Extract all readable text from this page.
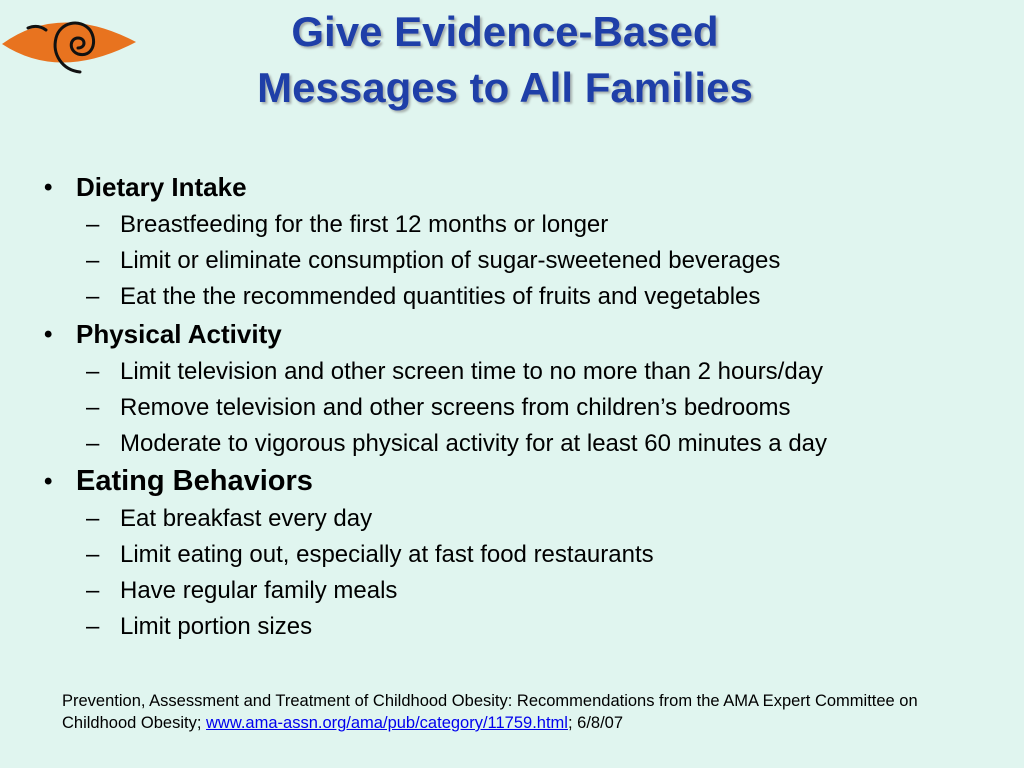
Give Evidence-Based
Messages to All Families
• Dietary Intake
– Breastfeeding for the first 12 months or longer
– Limit or eliminate consumption of sugar-sweetened beverages
– Eat the the recommended quantities of fruits and vegetables
• Physical Activity
– Limit television and other screen time to no more than 2 hours/day
– Remove television and other screens from children’s bedrooms
– Moderate to vigorous physical activity for at least 60 minutes a day
• Eating Behaviors
– Eat breakfast every day
– Limit eating out, especially at fast food restaurants
– Have regular family meals
– Limit portion sizes
Prevention, Assessment and Treatment of Childhood Obesity: Recommendations from the AMA Expert Committee on Childhood Obesity; www.ama-assn.org/ama/pub/category/11759.html; 6/8/07
